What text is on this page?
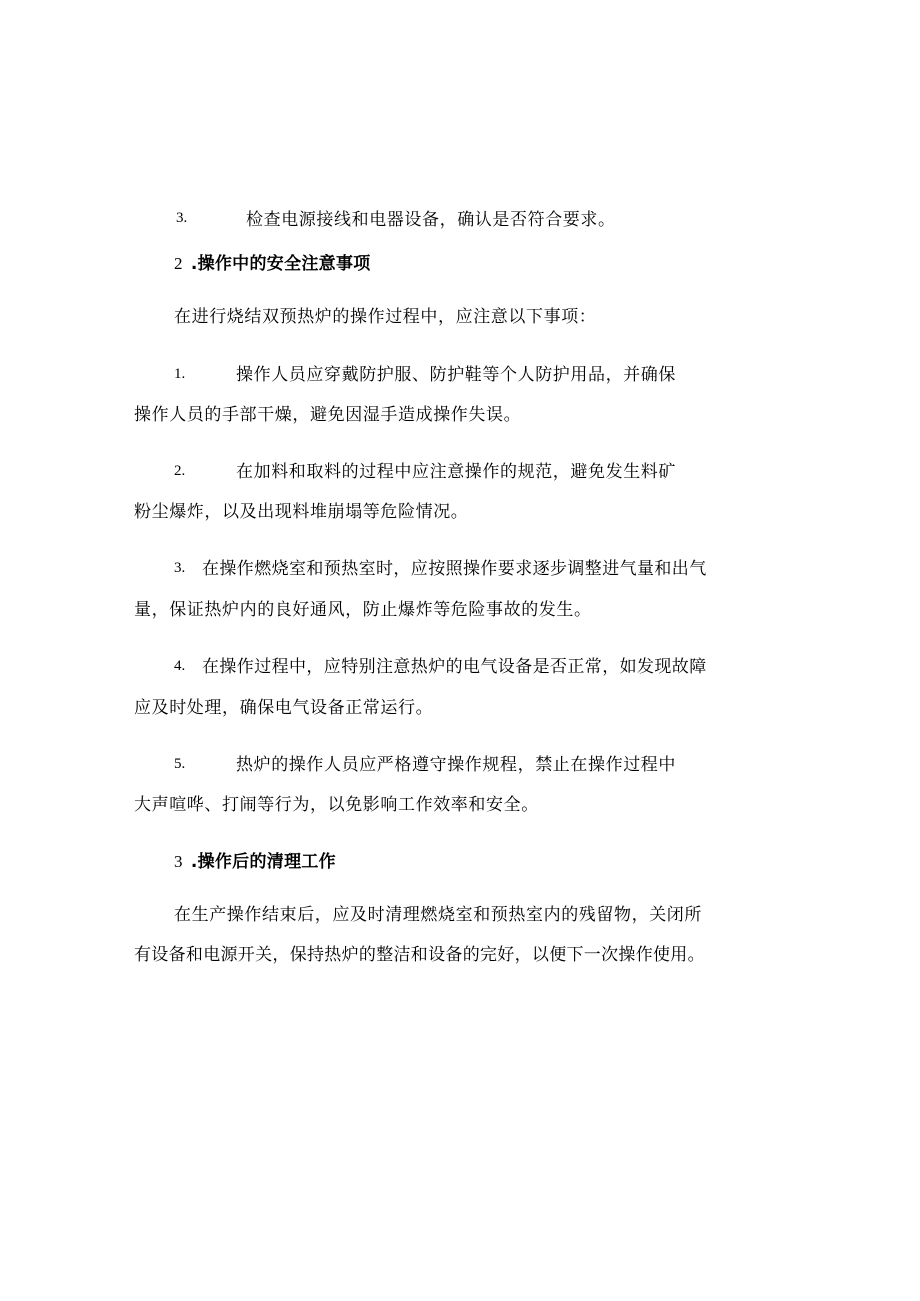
3.	检查电源接线和电器设备，确认是否符合要求。
2 .操作中的安全注意事项
在进行烧结双预热炉的操作过程中，应注意以下事项：
1.	操作人员应穿戴防护服、防护鞋等个人防护用品，并确保
操作人员的手部干燥，避免因湿手造成操作失误。
2.	在加料和取料的过程中应注意操作的规范，避免发生料矿
粉尘爆炸，以及出现料堆崩塌等危险情况。
3. 在操作燃烧室和预热室时，应按照操作要求逐步调整进气量和出气
量，保证热炉内的良好通风，防止爆炸等危险事故的发生。
4. 在操作过程中，应特别注意热炉的电气设备是否正常，如发现故障
应及时处理，确保电气设备正常运行。
5.	热炉的操作人员应严格遵守操作规程，禁止在操作过程中
大声喧哗、打闹等行为，以免影响工作效率和安全。
3 .操作后的清理工作
在生产操作结束后，应及时清理燃烧室和预热室内的残留物，关闭所
有设备和电源开关，保持热炉的整洁和设备的完好，以便下一次操作使用。
